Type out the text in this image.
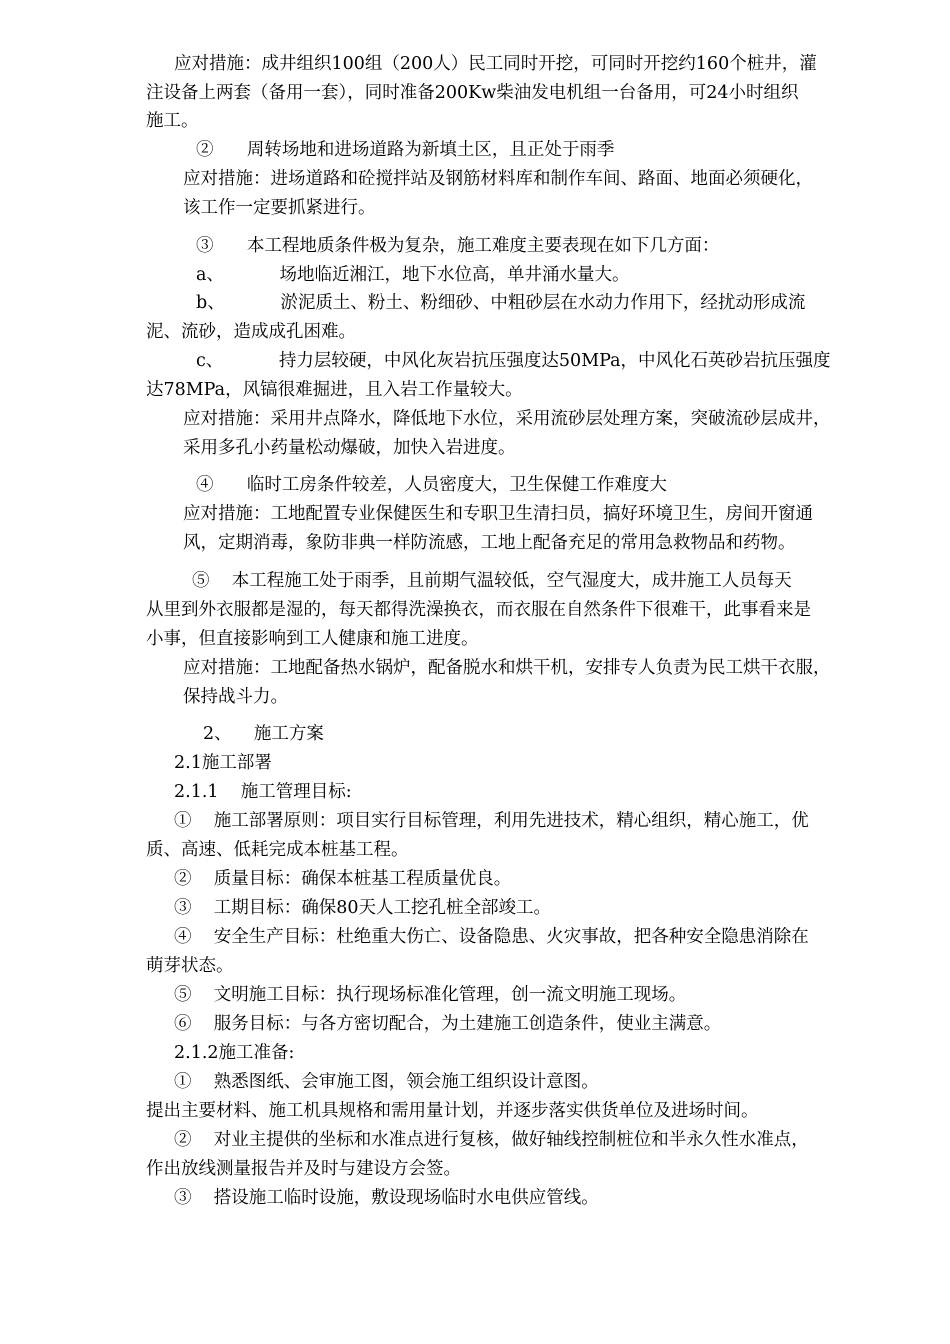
应对措施：成井组织100组（200人）民工同时开挖，可同时开挖约160个桩井，灌
注设备上两套（备用一套），同时准备200Kw柴油发电机组一台备用，可24小时组织
施工。
②      周转场地和进场道路为新填土区，且正处于雨季
应对措施：进场道路和砼搅拌站及钢筋材料库和制作车间、路面、地面必须硬化，
该工作一定要抓紧进行。
③      本工程地质条件极为复杂，施工难度主要表现在如下几方面：
a、          场地临近湘江，地下水位高，单井涌水量大。
b、          淤泥质土、粉土、粉细砂、中粗砂层在水动力作用下，经扰动形成流
泥、流砂，造成成孔困难。
c、          持力层较硬，中风化灰岩抗压强度达50MPa，中风化石英砂岩抗压强度
达78MPa，风镐很难掘进，且入岩工作量较大。
应对措施：采用井点降水，降低地下水位，采用流砂层处理方案，突破流砂层成井，
采用多孔小药量松动爆破，加快入岩进度。
④      临时工房条件较差，人员密度大，卫生保健工作难度大
应对措施：工地配置专业保健医生和专职卫生清扫员，搞好环境卫生，房间开窗通
风，定期消毒，象防非典一样防流感，工地上配备充足的常用急救物品和药物。
⑤    本工程施工处于雨季，且前期气温较低，空气湿度大，成井施工人员每天
从里到外衣服都是湿的，每天都得洗澡换衣，而衣服在自然条件下很难干，此事看来是
小事，但直接影响到工人健康和施工进度。
应对措施：工地配备热水锅炉，配备脱水和烘干机，安排专人负责为民工烘干衣服，
保持战斗力。
2、    施工方案
2.1施工部署
2.1.1    施工管理目标:
①    施工部署原则：项目实行目标管理，利用先进技术，精心组织，精心施工，优
质、高速、低耗完成本桩基工程。
②    质量目标：确保本桩基工程质量优良。
③    工期目标：确保80天人工挖孔桩全部竣工。
④    安全生产目标：杜绝重大伤亡、设备隐患、火灾事故，把各种安全隐患消除在
萌芽状态。
⑤    文明施工目标：执行现场标准化管理，创一流文明施工现场。
⑥    服务目标：与各方密切配合，为土建施工创造条件，使业主满意。
2.1.2施工准备:
①    熟悉图纸、会审施工图，领会施工组织设计意图。
提出主要材料、施工机具规格和需用量计划，并逐步落实供货单位及进场时间。
②    对业主提供的坐标和水准点进行复核，做好轴线控制桩位和半永久性水准点，
作出放线测量报告并及时与建设方会签。
③    搭设施工临时设施，敷设现场临时水电供应管线。
